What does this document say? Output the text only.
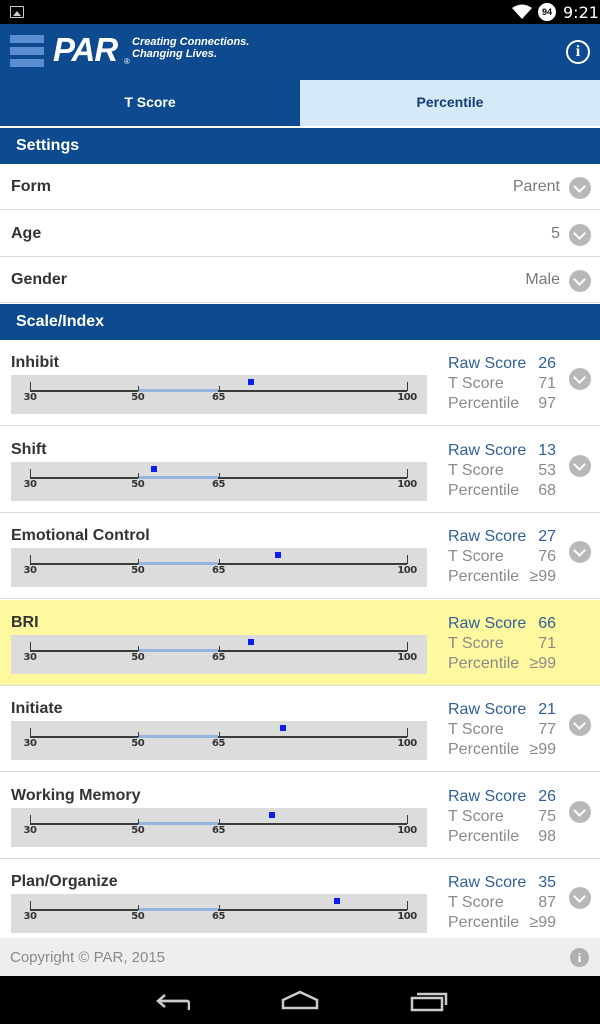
94 9:21
PAR ®
Creating Connections.
Changing Lives.	i
T Score	Percentile
Settings
Form	Parent
Age	5
Gender	Male
Scale/Index
Inhibit
30	50	65	100
Raw Score 26
T Score 71
Percentile 97
Shift
30	50	65	100
Raw Score 13
T Score 53
Percentile 68
Emotional Control
30	50	65	100
Raw Score 27
T Score 76
Percentile ≥99
BRI
30	50	65	100
Raw Score 66
T Score 71
Percentile ≥99
Initiate
30	50	65	100
Raw Score 21
T Score 77
Percentile ≥99
Working Memory
30	50	65	100
Raw Score 26
T Score 75
Percentile 98
Plan/Organize
30	50	65	100
Raw Score 35
T Score 87
Percentile ≥99
Copyright © PAR, 2015	i
